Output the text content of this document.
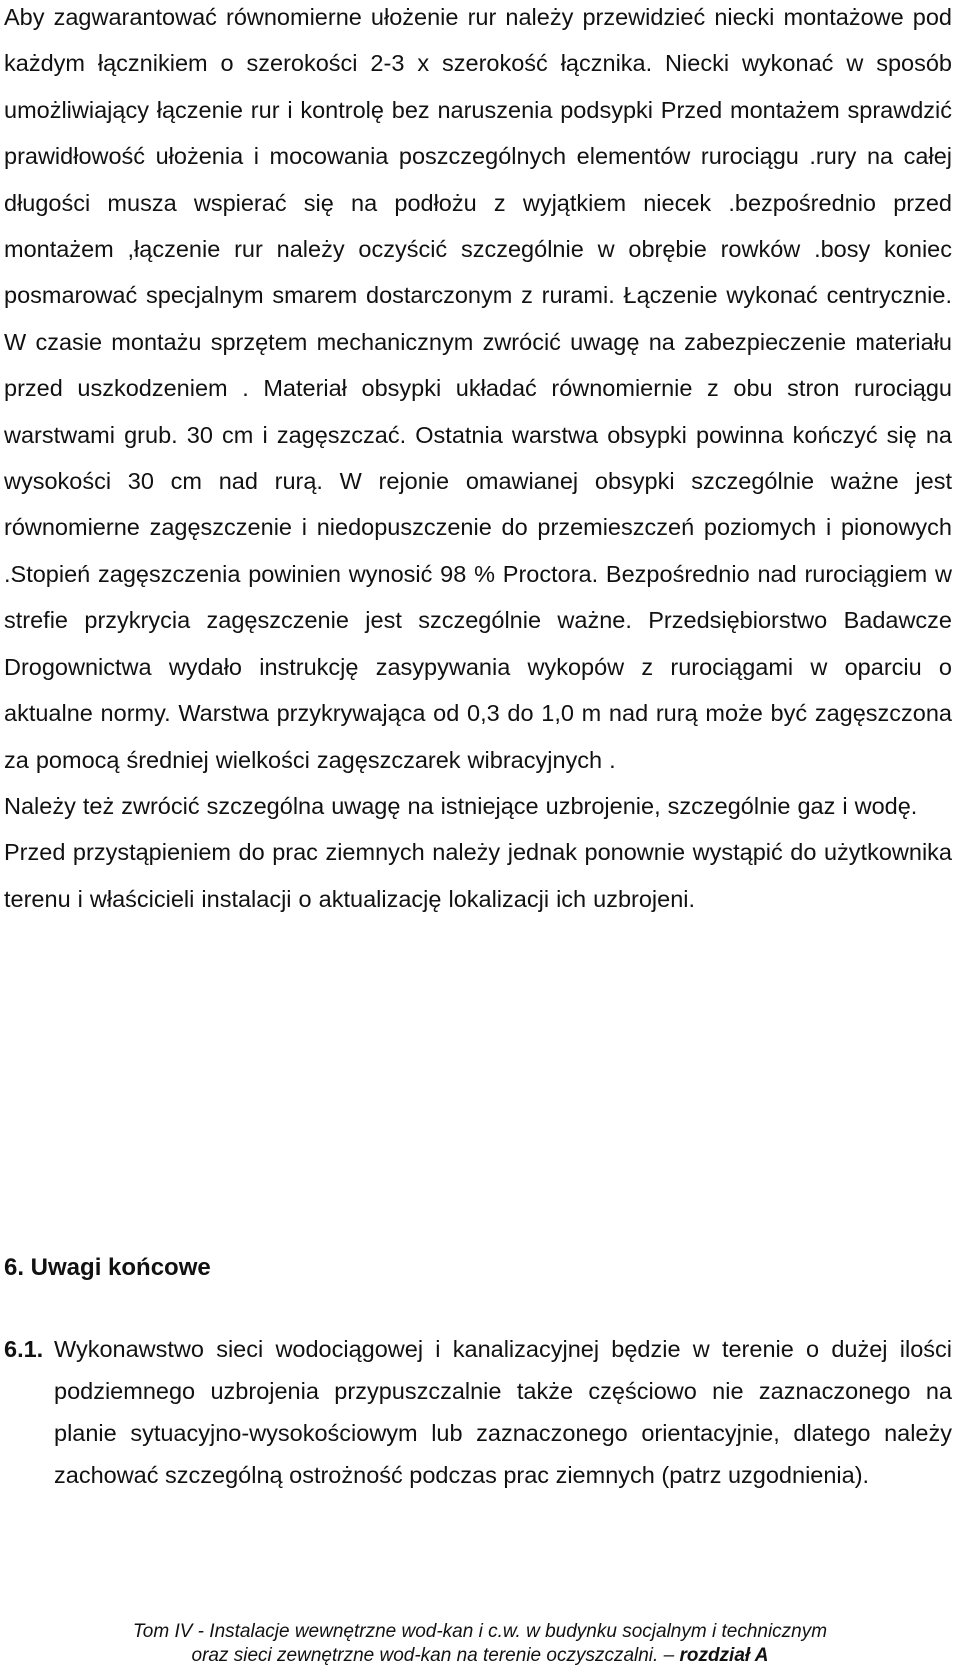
Aby zagwarantować równomierne ułożenie rur należy przewidzieć niecki montażowe pod każdym łącznikiem o szerokości 2-3 x szerokość łącznika. Niecki wykonać w sposób umożliwiający łączenie rur i kontrolę bez naruszenia podsypki Przed montażem sprawdzić prawidłowość ułożenia i mocowania poszczególnych elementów rurociągu .rury na całej długości musza wspierać się na podłożu z wyjątkiem niecek .bezpośrednio przed montażem ,łączenie rur należy oczyścić szczególnie w obrębie rowków .bosy koniec posmarować specjalnym smarem dostarczonym z rurami. Łączenie wykonać centrycznie. W czasie montażu sprzętem mechanicznym zwrócić uwagę na zabezpieczenie materiału przed uszkodzeniem . Materiał obsypki układać równomiernie z obu stron rurociągu warstwami grub. 30 cm i zagęszczać. Ostatnia warstwa obsypki powinna kończyć się na wysokości 30 cm nad rurą. W rejonie omawianej obsypki szczególnie ważne jest równomierne zagęszczenie i niedopuszczenie do przemieszczeń poziomych i pionowych .Stopień zagęszczenia powinien wynosić 98 % Proctora. Bezpośrednio nad rurociągiem w strefie przykrycia zagęszczenie jest szczególnie ważne. Przedsiębiorstwo Badawcze Drogownictwa wydało instrukcję zasypywania wykopów z rurociągami w oparciu o aktualne normy. Warstwa przykrywająca od 0,3 do 1,0 m nad rurą może być zagęszczona za pomocą średniej wielkości zagęszczarek wibracyjnych .

Należy też zwrócić szczególna uwagę na istniejące uzbrojenie, szczególnie gaz i wodę.

Przed przystąpieniem do prac ziemnych należy jednak ponownie wystąpić do użytkownika terenu i właścicieli instalacji o aktualizację lokalizacji ich uzbrojeni.

6. Uwagi końcowe
6.1. Wykonawstwo sieci wodociągowej i kanalizacyjnej będzie w terenie o dużej ilości podziemnego uzbrojenia przypuszczalnie także częściowo nie zaznaczonego na planie sytuacyjno-wysokościowym lub zaznaczonego orientacyjnie, dlatego należy zachować szczególną ostrożność podczas prac ziemnych (patrz uzgodnienia).

Tom IV - Instalacje wewnętrzne wod-kan i c.w. w budynku socjalnym i technicznym
oraz sieci zewnętrzne wod-kan na terenie oczyszczalni. – rozdział A
